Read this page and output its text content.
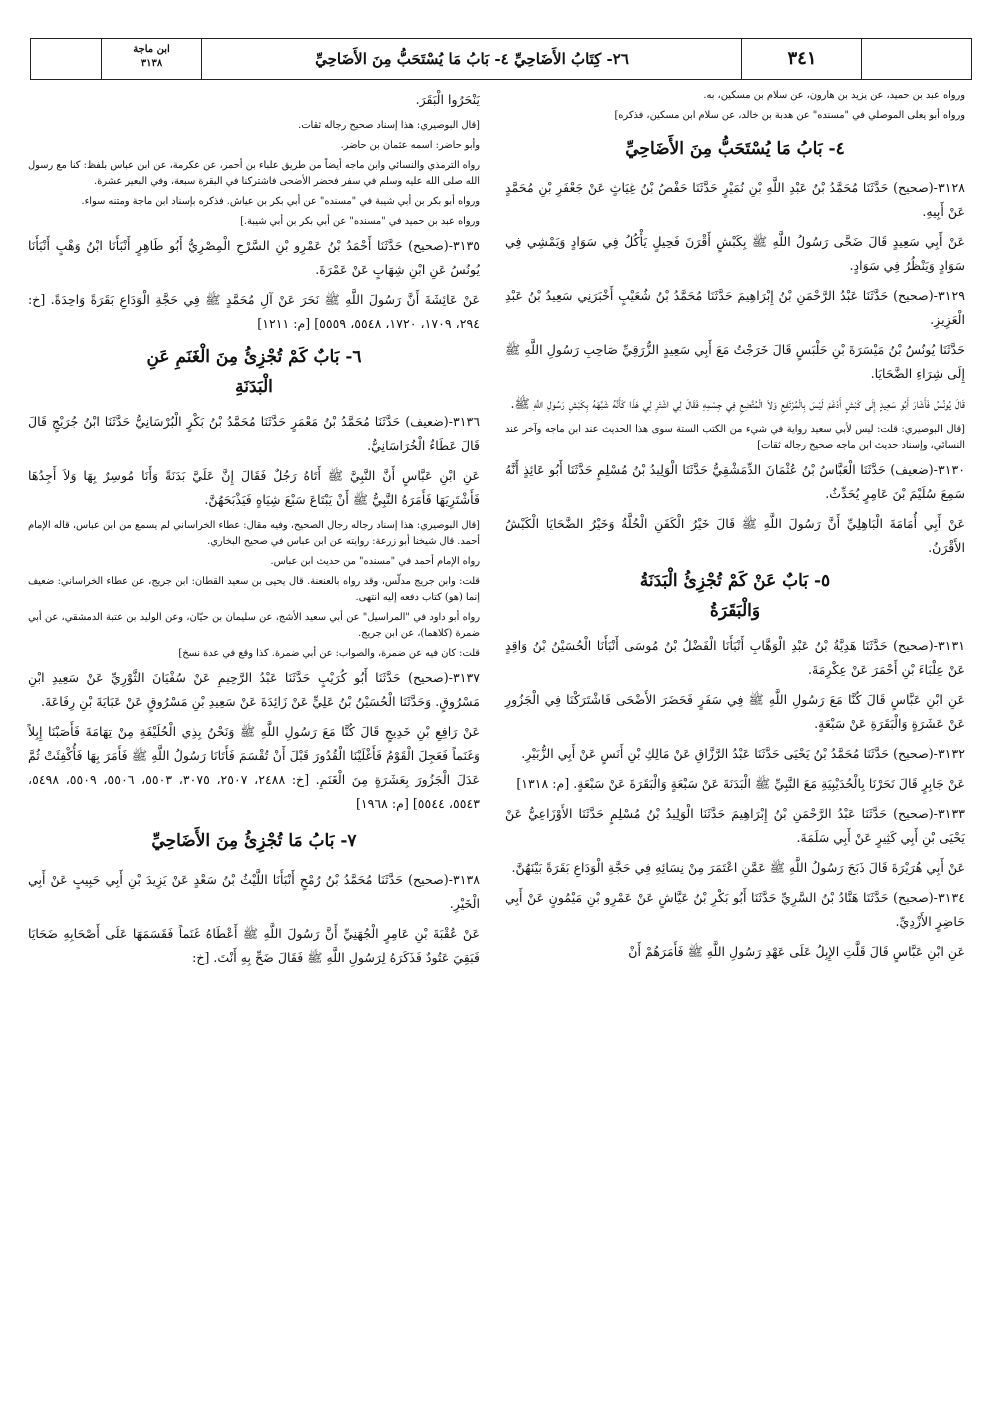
ابن ماجة
٣١٣٨	٢٦- كِتَابُ الأَضَاحِيِّ ٤- بَابُ مَا يُسْتَحَبُّ مِنَ الأَضَاحِيِّ	٣٤١

ورواه عبد بن حميد، عن يزيد بن هارون، عن سلام بن مسكين، به.

ورواه أبو يعلى الموصلي في "مسنده" عن هدبة بن خالد، عن سلام ابن مسكين، فذكره]

٤- بَابُ مَا يُسْتَحَبُّ مِنَ الأَضَاحِيِّ

٣١٢٨-(صحيح) حَدَّثَنَا مُحَمَّدُ بْنُ عَبْدِ اللَّهِ بْنِ نُمَيْرٍ حَدَّثَنَا حَفْصُ بْنُ غِيَاثٍ عَنْ جَعْفَرِ بْنِ مُحَمَّدٍ عَنْ أَبِيهِ.

عَنْ أَبِي سَعِيدٍ قَالَ ضَحَّى رَسُولُ اللَّهِ ﷺ بِكَبْشٍ أَقْرَنَ فَحِيلٍ يَأْكُلُ فِي سَوَادٍ وَيَمْشِي فِي سَوَادٍ وَيَنْظُرُ فِي سَوَادٍ.

٣١٢٩-(صحيح) حَدَّثَنَا عَبْدُ الرَّحْمَنِ بْنُ إِبْرَاهِيمَ حَدَّثَنَا مُحَمَّدُ بْنُ شُعَيْبٍ أَخْبَرَنِي سَعِيدُ بْنُ عَبْدِ الْعَزِيزِ.

حَدَّثَنَا يُونُسُ بْنُ مَيْسَرَةَ بْنِ حَلْبَسٍ قَالَ خَرَجْتُ مَعَ أَبِي سَعِيدٍ الزُّرَقِيِّ صَاحِبِ رَسُولِ اللَّهِ ﷺ إِلَى شِرَاءِ الضَّحَايَا.

قَالَ يُونُسُ فَأَشَارَ أَبُو سَعِيدٍ إِلَى كَبْشٍ أَدْغَمَ لَيْسَ بِالْمُرْتَفِعِ وَلاَ الْمُتَّضِعِ فِي جِسْمِهِ فَقَالَ لِي اشْتَرِ لِي هَذَا كَأَنَّهُ شَبَّهَهُ بِكَبْشِ رَسُولِ اللَّهِ ﷺ.

[قال البوصيري: قلت: ليس لأبي سعيد رواية في شيء من الكتب الستة سوى هذا الحديث عند ابن ماجه وآخر عند النسائي، وإسناد حديث ابن ماجه صحيح رجاله ثقات]

٣١٣٠-(ضعيف) حَدَّثَنَا الْعَبَّاسُ بْنُ عُثْمَانَ الدِّمَشْقِيُّ حَدَّثَنَا الْوَلِيدُ بْنُ مُسْلِمٍ حَدَّثَنَا أَبُو عَائِذٍ أَنَّهُ سَمِعَ سُلَيْمَ بْنَ عَامِرٍ يُحَدِّثُ.

عَنْ أَبِي أُمَامَةَ الْبَاهِلِيِّ أَنَّ رَسُولَ اللَّهِ ﷺ قَالَ خَيْرُ الْكَفَنِ الْحُلَّةُ وَخَيْرُ الضَّحَايَا الْكَبْشُ الأَقْرَنُ.

٥- بَابٌ عَنْ كَمْ تُجْزِئُ الْبَدَنَةُ
وَالْبَقَرَةُ

٣١٣١-(صحيح) حَدَّثَنَا هَدِيَّةُ بْنُ عَبْدِ الْوَهَّابِ أَنْبَأَنَا الْفَضْلُ بْنُ مُوسَى أَنْبَأَنَا الْحُسَيْنُ بْنُ وَاقِدٍ عَنْ عِلْبَاءَ بْنِ أَحْمَرَ عَنْ عِكْرِمَةَ.

عَنِ ابْنِ عَبَّاسٍ قَالَ كُنَّا مَعَ رَسُولِ اللَّهِ ﷺ فِي سَفَرٍ فَحَضَرَ الأَضْحَى فَاشْتَرَكْنَا فِي الْجَزُورِ عَنْ عَشَرَةٍ وَالْبَقَرَةِ عَنْ سَبْعَةٍ.

٣١٣٢-(صحيح) حَدَّثَنَا مُحَمَّدُ بْنُ يَحْيَى حَدَّثَنَا عَبْدُ الرَّزَّاقِ عَنْ مَالِكِ بْنِ أَنَسٍ عَنْ أَبِي الزُّبَيْرِ.

عَنْ جَابِرٍ قَالَ نَحَرْنَا بِالْحُدَيْبِيَةِ مَعَ النَّبِيِّ ﷺ الْبَدَنَةَ عَنْ سَبْعَةٍ وَالْبَقَرَةَ عَنْ سَبْعَةٍ. [م: ١٣١٨]

٣١٣٣-(صحيح) حَدَّثَنَا عَبْدُ الرَّحْمَنِ بْنُ إِبْرَاهِيمَ حَدَّثَنَا الْوَلِيدُ بْنُ مُسْلِمٍ حَدَّثَنَا الأَوْزَاعِيُّ عَنْ يَحْيَى بْنِ أَبِي كَثِيرٍ عَنْ أَبِي سَلَمَةَ.

عَنْ أَبِي هُرَيْرَةَ قَالَ ذَبَحَ رَسُولُ اللَّهِ ﷺ عَمَّنِ اعْتَمَرَ مِنْ نِسَائِهِ فِي حَجَّةِ الْوَدَاعِ بَقَرَةً بَيْنَهُنَّ.

٣١٣٤-(صحيح) حَدَّثَنَا هَنَّادُ بْنُ السَّرِيِّ حَدَّثَنَا أَبُو بَكْرِ بْنُ عَيَّاشٍ عَنْ عَمْرِو بْنِ مَيْمُونٍ عَنْ أَبِي حَاضِرٍ الأَزْدِيِّ.

عَنِ ابْنِ عَبَّاسٍ قَالَ قَلَّتِ الإِبِلُ عَلَى عَهْدِ رَسُولِ اللَّهِ ﷺ فَأَمَرَهُمْ أَنْ

يَنْحَرُوا الْبَقَرَ.

[قال البوصيري: هذا إسناد صحيح رجاله ثقات.

وأبو حاضر: اسمه عثمان بن حاضر.

رواه الترمذي والنسائي وابن ماجه أيضاً من طريق علباء بن أحمر، عن عكرمة، عن ابن عباس بلفظ: كنا مع رسول الله صلى الله عليه وسلم في سفر فحضر الأضحى فاشتركنا في البقرة سبعة، وفي البعير عشرة.

ورواه أبو بكر بن أبي شيبة في "مسنده" عن أبي بكر بن عياش. فذكره بإسناد ابن ماجة ومتنه سواء.

ورواه عبد بن حميد في "مسنده" عن أبي بكر بن أبي شيبة.]

٣١٣٥-(صحيح) حَدَّثَنَا أَحْمَدُ بْنُ عَمْرِو بْنِ السَّرْحِ الْمِصْرِيُّ أَبُو طَاهِرٍ أَنْبَأَنَا ابْنُ وَهْبٍ أَنْبَأَنَا يُونُسُ عَنِ ابْنِ شِهَابٍ عَنْ عَمْرَةَ.

عَنْ عَائِشَةَ أَنَّ رَسُولَ اللَّهِ ﷺ نَحَرَ عَنْ آلِ مُحَمَّدٍ ﷺ فِي حَجَّةِ الْوَدَاعِ بَقَرَةً وَاحِدَةً. [خ: ٢٩٤، ١٧٠٩، ١٧٢٠، ٥٥٤٨، ٥٥٥٩] [م: ١٢١١]

٦- بَابٌ كَمْ تُجْزِئُ مِنَ الْغَنَمِ عَنِ
الْبَدَنَةِ

٣١٣٦-(ضعيف) حَدَّثَنَا مُحَمَّدُ بْنُ مَعْمَرٍ حَدَّثَنَا مُحَمَّدُ بْنُ بَكْرٍ الْبُرْسَانِيُّ حَدَّثَنَا ابْنُ جُرَيْجٍ قَالَ قَالَ عَطَاءٌ الْخُرَاسَانِيُّ.

عَنِ ابْنِ عَبَّاسٍ أَنَّ النَّبِيَّ ﷺ أَتَاهُ رَجُلٌ فَقَالَ إِنَّ عَلَيَّ بَدَنَةً وَأَنَا مُوسِرٌ بِهَا وَلاَ أَجِدُهَا فَأَشْتَرِيَهَا فَأَمَرَهُ النَّبِيُّ ﷺ أَنْ يَبْتَاعَ سَبْعَ شِيَاهٍ فَيَذْبَحَهُنَّ.

[قال البوصيري: هذا إسناد رجاله رجال الصحيح، وفيه مقال: عطاء الخراساني لم يسمع من ابن عباس، قاله الإمام أحمد. قال شيخنا أبو زرعة: روايته عن ابن عباس في صحيح البخاري.

رواه الإمام أحمد في "مسنده" من حديث ابن عباس.

قلت: وابن جريج مدلّس، وقد رواه بالعنعنة. قال يحيى بن سعيد القطان: ابن جريج، عن عطاء الخراساني: ضعيف إنما (هو) كتاب دفعه إليه انتهى.

رواه أبو داود في "المراسيل" عن أبي سعيد الأشج، عن سليمان بن حيّان، وعن الوليد بن عتبة الدمشقي، عن أبي ضمرة (كلاهما)، عن ابن جريج.

قلت: كان فيه عن ضمرة، والصواب: عن أبي ضمرة. كذا وقع في عدة نسخ]

٣١٣٧-(صحيح) حَدَّثَنَا أَبُو كُرَيْبٍ حَدَّثَنَا عَبْدُ الرَّحِيمِ عَنْ سُفْيَانَ الثَّوْرِيِّ عَنْ سَعِيدِ ابْنِ مَسْرُوقٍ. وَحَدَّثَنَا الْحُسَيْنُ بْنُ عَلِيٍّ عَنْ زَائِدَةَ عَنْ سَعِيدِ بْنِ مَسْرُوقٍ عَنْ عَبَايَةَ بْنِ رِفَاعَةَ.

عَنْ رَافِعِ بْنِ خَدِيجٍ قَالَ كُنَّا مَعَ رَسُولِ اللَّهِ ﷺ وَنَحْنُ بِذِي الْحُلَيْفَةِ مِنْ تِهَامَةَ فَأَصَبْنَا إِبِلاً وَغَنَماً فَعَجِلَ الْقَوْمُ فَأَغْلَيْنَا الْقُدُورَ قَبْلَ أَنْ تُقْسَمَ فَأَتَانَا رَسُولُ اللَّهِ ﷺ فَأَمَرَ بِهَا فَأُكْفِئَتْ ثُمَّ عَدَلَ الْجَزُورَ بِعَشَرَةٍ مِنَ الْغَنَمِ. [خ: ٢٤٨٨، ٢٥٠٧، ٣٠٧٥، ٥٥٠٣، ٥٥٠٦، ٥٥٠٩، ٥٤٩٨، ٥٥٤٣، ٥٥٤٤] [م: ١٩٦٨]

٧- بَابُ مَا تُجْزِئُ مِنَ الأَضَاحِيِّ

٣١٣٨-(صحيح) حَدَّثَنَا مُحَمَّدُ بْنُ رُمْحٍ أَنْبَأَنَا اللَّيْثُ بْنُ سَعْدٍ عَنْ يَزِيدَ بْنِ أَبِي حَبِيبٍ عَنْ أَبِي الْخَيْرِ.

عَنْ عُقْبَةَ بْنِ عَامِرٍ الْجُهَنِيِّ أَنَّ رَسُولَ اللَّهِ ﷺ أَعْطَاهُ غَنَماً فَقَسَمَهَا عَلَى أَصْحَابِهِ ضَحَايَا فَبَقِيَ عَتُودٌ فَذَكَرَهُ لِرَسُولِ اللَّهِ ﷺ فَقَالَ ضَحِّ بِهِ أَنْتَ. [خ:
